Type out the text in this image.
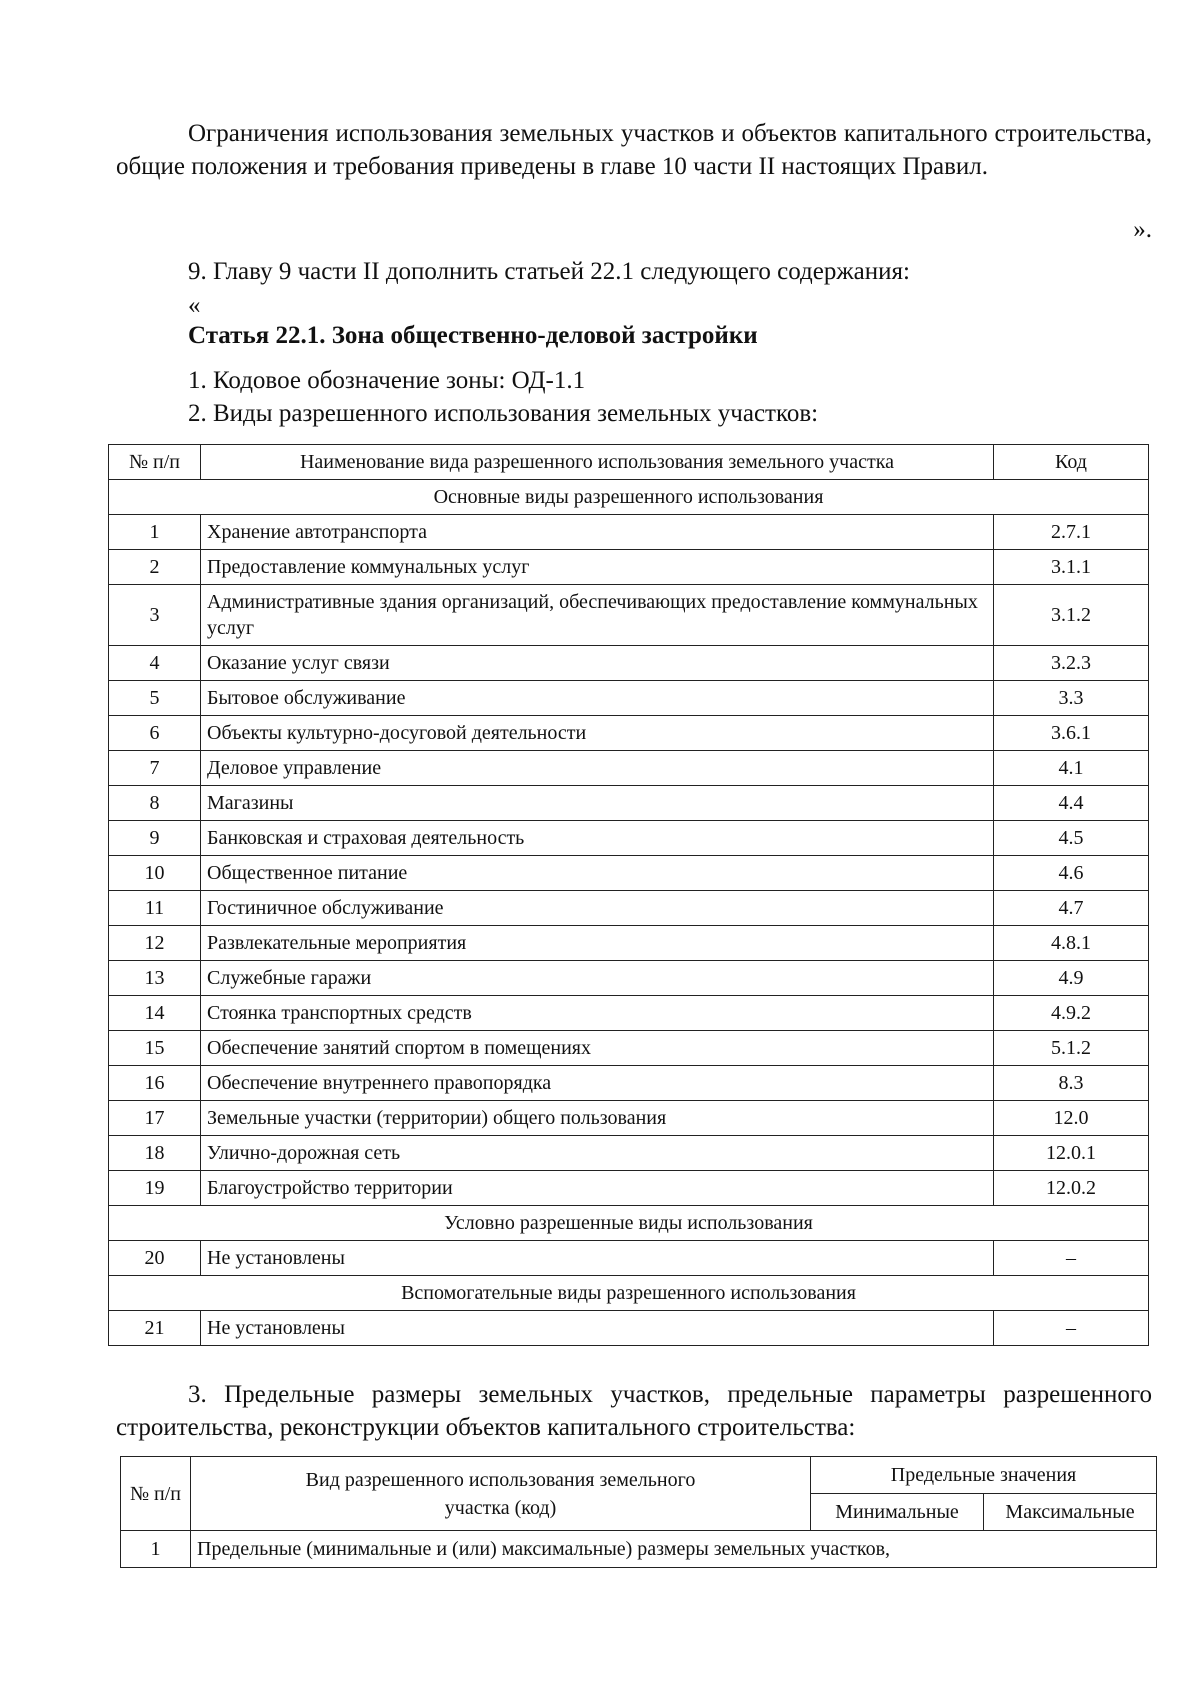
Ограничения использования земельных участков и объектов капитального строительства, общие положения и требования приведены в главе 10 части II настоящих Правил.
».
9. Главу 9 части II дополнить статьей 22.1 следующего содержания:
«
Статья 22.1. Зона общественно-деловой застройки
1. Кодовое обозначение зоны: ОД-1.1
2. Виды разрешенного использования земельных участков:
№ п/п	Наименование вида разрешенного использования земельного участка	Код
Основные виды разрешенного использования		
1	Хранение автотранспорта	2.7.1
2	Предоставление коммунальных услуг	3.1.1
3	Административные здания организаций, обеспечивающих предоставление коммунальных услуг	3.1.2
4	Оказание услуг связи	3.2.3
5	Бытовое обслуживание	3.3
6	Объекты культурно-досуговой деятельности	3.6.1
7	Деловое управление	4.1
8	Магазины	4.4
9	Банковская и страховая деятельность	4.5
10	Общественное питание	4.6
11	Гостиничное обслуживание	4.7
12	Развлекательные мероприятия	4.8.1
13	Служебные гаражи	4.9
14	Стоянка транспортных средств	4.9.2
15	Обеспечение занятий спортом в помещениях	5.1.2
16	Обеспечение внутреннего правопорядка	8.3
17	Земельные участки (территории) общего пользования	12.0
18	Улично-дорожная сеть	12.0.1
19	Благоустройство территории	12.0.2
Условно разрешенные виды использования		
20	Не установлены	–
Вспомогательные виды разрешенного использования		
21	Не установлены	–
3. Предельные размеры земельных участков, предельные параметры разрешенного строительства, реконструкции объектов капитального строительства:
№ п/п	Вид разрешенного использования земельного участка (код)	Предельные значения	
		Минимальные	Максимальные
1	Предельные (минимальные и (или) максимальные) размеры земельных участков,		
